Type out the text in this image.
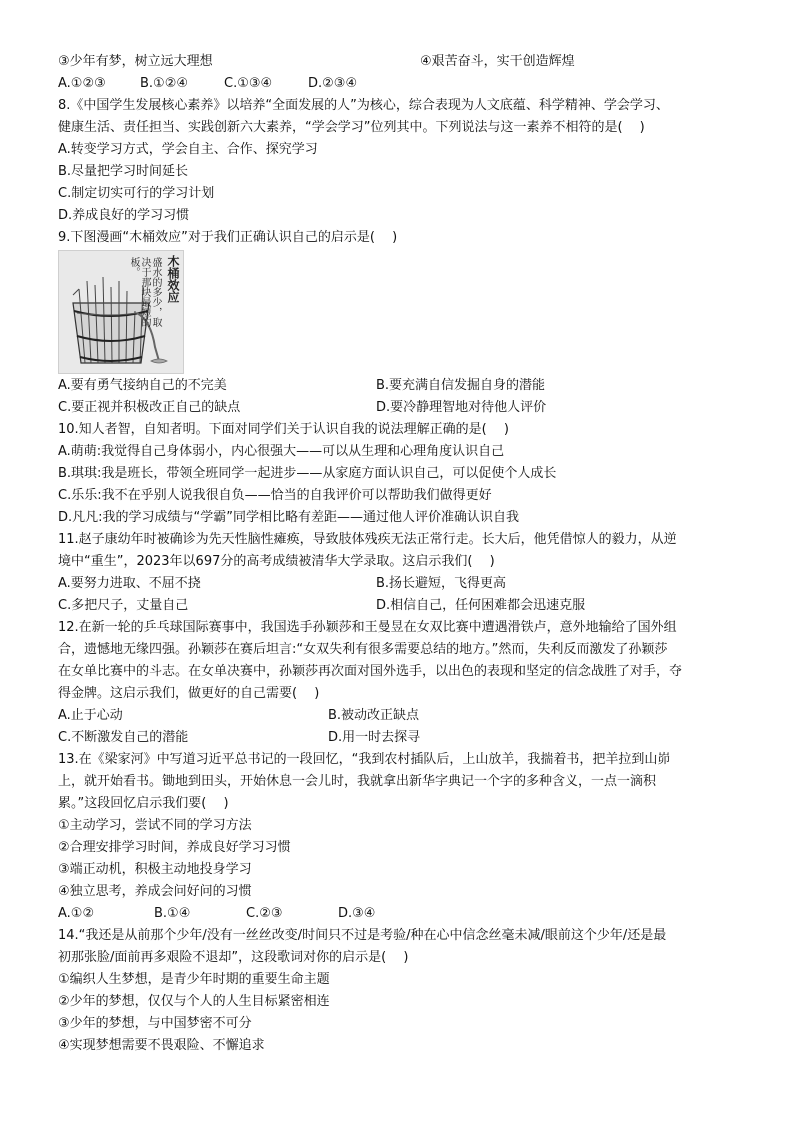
③少年有梦，树立远大理想	④艰苦奋斗，实干创造辉煌
A.①②③	B.①②④	C.①③④	D.②③④
8.《中国学生发展核心素养》以培养“全面发展的人”为核心，综合表现为人文底蕴、科学精神、学会学习、
健康生活、责任担当、实践创新六大素养，“学会学习”位列其中。下列说法与这一素养不相符的是(　 )
A.转变学习方式，学会自主、合作、探究学习
B.尽量把学习时间延长
C.制定切实可行的学习计划
D.养成良好的学习习惯
9.下图漫画“木桶效应”对于我们正确认识自己的启示是(　 )
木桶效应
盛水的多少，取决于那块最短的板。
A.要有勇气接纳自己的不完美	B.要充满自信发掘自身的潜能
C.要正视并积极改正自己的缺点	D.要冷静理智地对待他人评价
10.知人者智，自知者明。下面对同学们关于认识自我的说法理解正确的是(　 )
A.萌萌:我觉得自己身体弱小，内心很强大——可以从生理和心理角度认识自己
B.琪琪:我是班长，带领全班同学一起进步——从家庭方面认识自己，可以促使个人成长
C.乐乐:我不在乎别人说我很自负——恰当的自我评价可以帮助我们做得更好
D.凡凡:我的学习成绩与“学霸”同学相比略有差距——通过他人评价准确认识自我
11.赵子康幼年时被确诊为先天性脑性瘫痪，导致肢体残疾无法正常行走。长大后，他凭借惊人的毅力，从逆
境中“重生”，2023年以697分的高考成绩被清华大学录取。这启示我们(　 )
A.要努力进取、不屈不挠	B.扬长避短，飞得更高
C.多把尺子，丈量自己	D.相信自己，任何困难都会迅速克服
12.在新一轮的乒乓球国际赛事中，我国选手孙颖莎和王曼昱在女双比赛中遭遇滑铁卢，意外地输给了国外组
合，遗憾地无缘四强。孙颖莎在赛后坦言:“女双失利有很多需要总结的地方。”然而，失利反而激发了孙颖莎
在女单比赛中的斗志。在女单决赛中，孙颖莎再次面对国外选手，以出色的表现和坚定的信念战胜了对手，夺
得金牌。这启示我们，做更好的自己需要(　 )
A.止于心动	B.被动改正缺点
C.不断激发自己的潜能	D.用一时去探寻
13.在《梁家河》中写道习近平总书记的一段回忆，“我到农村插队后，上山放羊，我揣着书，把羊拉到山峁
上，就开始看书。锄地到田头，开始休息一会儿时，我就拿出新华字典记一个字的多种含义，一点一滴积
累。”这段回忆启示我们要(　 )
①主动学习，尝试不同的学习方法
②合理安排学习时间，养成良好学习习惯
③端正动机，积极主动地投身学习
④独立思考，养成会问好问的习惯
A.①②	B.①④	C.②③	D.③④
14.“我还是从前那个少年/没有一丝丝改变/时间只不过是考验/种在心中信念丝毫未减/眼前这个少年/还是最
初那张脸/面前再多艰险不退却”，这段歌词对你的启示是(　 )
①编织人生梦想，是青少年时期的重要生命主题
②少年的梦想，仅仅与个人的人生目标紧密相连
③少年的梦想，与中国梦密不可分
④实现梦想需要不畏艰险、不懈追求
